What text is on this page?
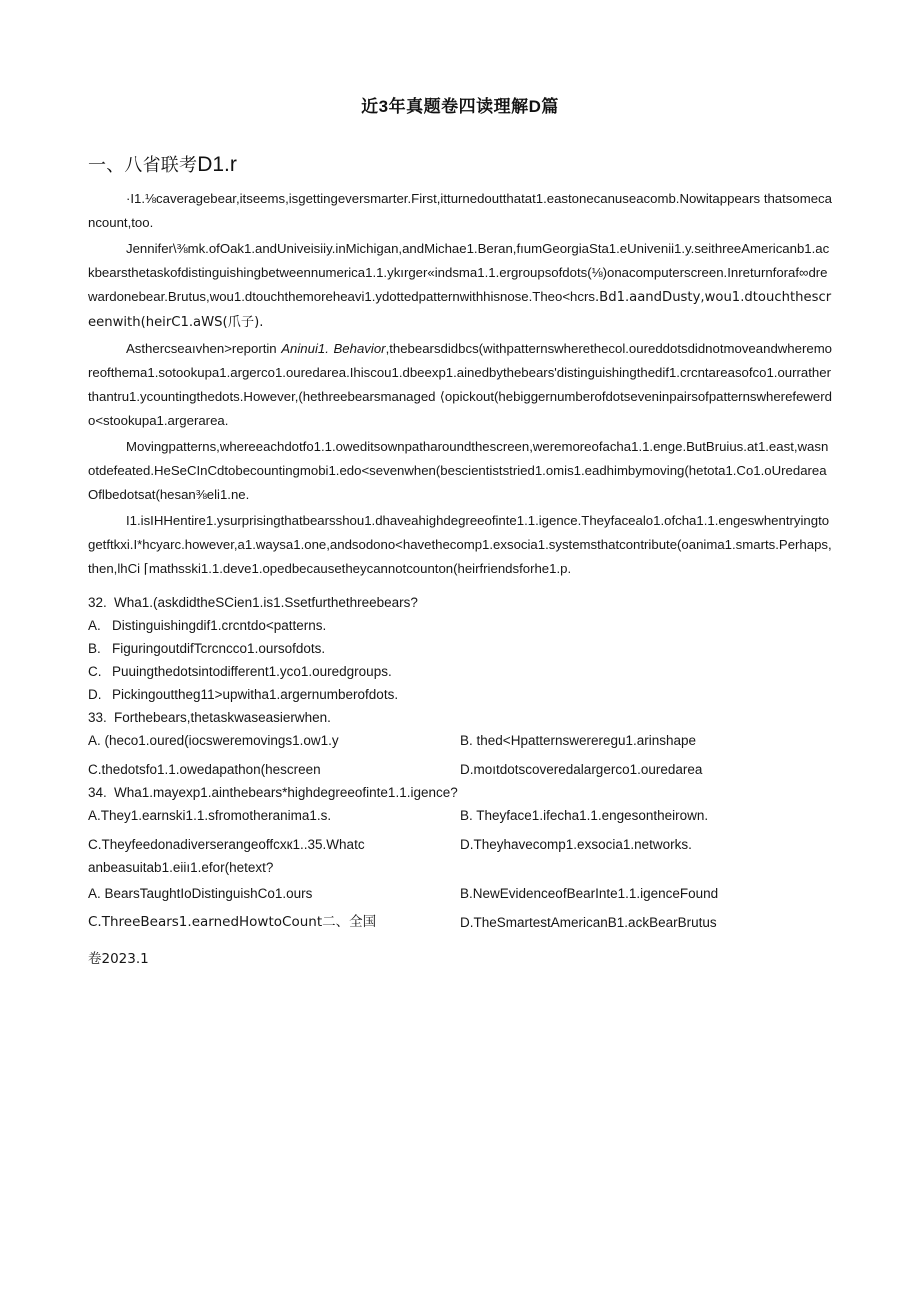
近3年真题卷四读理解D篇
一、八省联考D1.r

·I1.⅛caveragebear,itseems,isgettingeversmarter.First,itturnedoutthatat1.eastonecanuseacomb.Nowitappears thatsomecancount,too.

Jennifer\⅜mk.ofOak1.andUniveisiiy.inMichigan,andMichae1.Beran,fıumGeorgiaSta1.eUnivenii1.y.seithreeAmericanb1.ackbearsthetaskofdistinguishingbetweennumerica1.1.ykırger«indsma1.1.ergroupsofdots(⅛)onacomputerscreen.Inreturnforaf∞drewardonebear.Brutus,wou1.dtouchthemoreheavi1.ydottedpatternwithhisnose.Theo<hcrs.Bd1.aandDusty,wou1.dtouchthescreenwith(heirC1.aWS(爪子).

Asthercseaıvhen>reportin Aninui1. Behavior,thebearsdidbcs(withpatternswherethecol.oureddotsdidnotmoveandwheremoreofthema1.sotookupa1.argerco1.ouredarea.Ihiscou1.dbeexp1.ainedbythebears'distinguishingthedif1.crcntareasofco1.ourratherthantru1.ycountingthedots.However,(hethreebearsmanaged ⟨opickout(hebiggernumberofdotseveninpairsofpatternswherefewerdo<stookupa1.argerarea.

Movingpatterns,whereeachdotfo1.1.oweditsownpatharoundthescreen,weremoreofacha1.1.enge.ButBruius.at1.east,wasnotdefeated.HeSeCInCdtobecountingmobi1.edo<sevenwhen(bescientiststried1.omis1.eadhimbymoving(hetota1.Co1.oUredareaOflbedotsat(hesan⅜eli1.ne.

I1.isIHHentire1.ysurprisingthatbearsshou1.dhaveahighdegreeofinte1.1.igence.Theyfacealo1.ofcha1.1.engeswhentryingtogetftkxi.I*hcyarc.however,a1.waysa1.one,andsodono<havethecomp1.exsocia1.systemsthatcontribute(oanima1.smarts.Perhaps,then,lhCi ⌈mathsski1.1.deve1.opedbecausetheycannotcounton(heirfriendsforhe1.p.

32. Wha1.(askdidtheSCien1.is1.Ssetfurthethreebears?

A. Distinguishingdif1.crcntdo<patterns.

B. FiguringoutdifTcrcncco1.oursofdots.

C. Puuingthedotsintodifferent1.yco1.ouredgroups.

D. Pickingouttheg11>upwitha1.argernumberofdots.

33. Forthebears,thetaskwaseasierwhen.

A. (heco1.oured(iocsweremovings1.ow1.y	B. thed<Hpatternswereregu1.arinshape
C.thedotsfo1.1.owedapathon(hescreen	D.moıtdotscoveredalargerco1.ouredarea

34. Wha1.mayexp1.ainthebears*highdegreeofinte1.1.igence?

A.They1.earnski1.1.sfromotheranima1.s.	B. Theyface1.ifecha1.1.engesontheirown.
C.Theyfeedonadiverserangeoffcxк1..35.Whatc	D.Theyhavecomp1.exsocia1.networks.

anbeasuitab1.eiiı1.efor(hetext?

A. BearsTaughtIoDistinguishCo1.ours	B.NewEvidenceofBearInte1.1.igenceFound
C.ThreeBears1.earnedHowtoCount二、全国	D.TheSmartestAmericanB1.ackBearBrutus

卷2023.1
